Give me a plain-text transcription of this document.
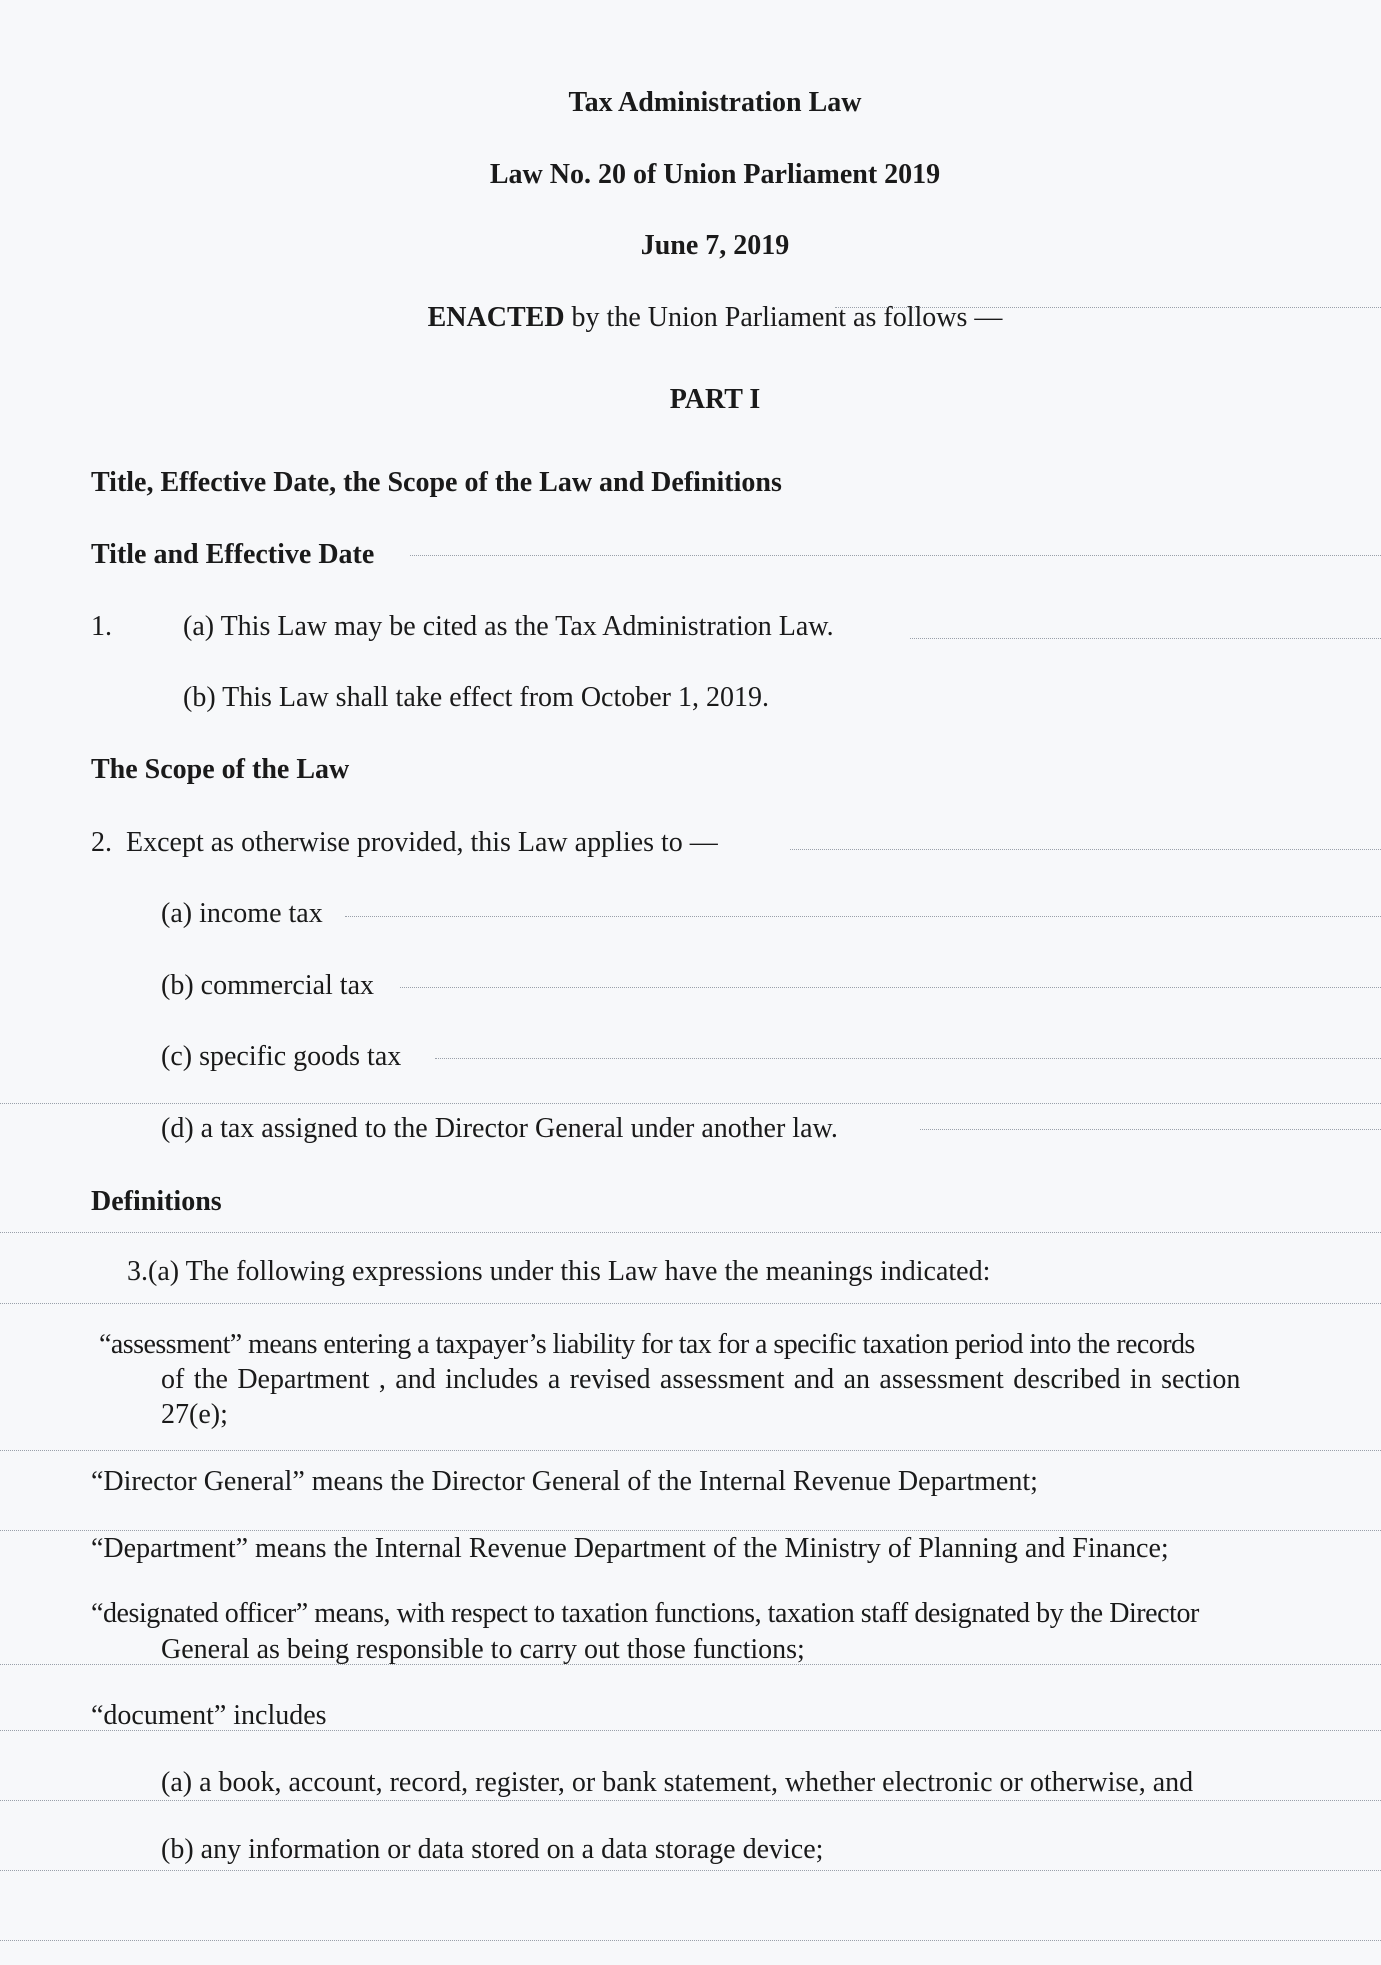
Tax Administration Law
Law No. 20 of Union Parliament 2019
June 7, 2019
ENACTED by the Union Parliament as follows —
PART I
Title, Effective Date, the Scope of the Law and Definitions
Title and Effective Date
1.	(a) This Law may be cited as the Tax Administration Law.
(b) This Law shall take effect from October 1, 2019.
The Scope of the Law
2.  Except as otherwise provided, this Law applies to —
(a) income tax
(b) commercial tax
(c) specific goods tax
(d) a tax assigned to the Director General under another law.
Definitions
3.(a) The following expressions under this Law have the meanings indicated:
“assessment” means entering a taxpayer’s liability for tax for a specific taxation period into the records
of the Department , and includes a revised assessment and an assessment described in section
27(e);
“Director General” means the Director General of the Internal Revenue Department;
“Department” means the Internal Revenue Department of the Ministry of Planning and Finance;
“designated officer” means, with respect to taxation functions, taxation staff designated by the Director
General as being responsible to carry out those functions;
“document” includes
(a) a book, account, record, register, or bank statement, whether electronic or otherwise, and
(b) any information or data stored on a data storage device;
